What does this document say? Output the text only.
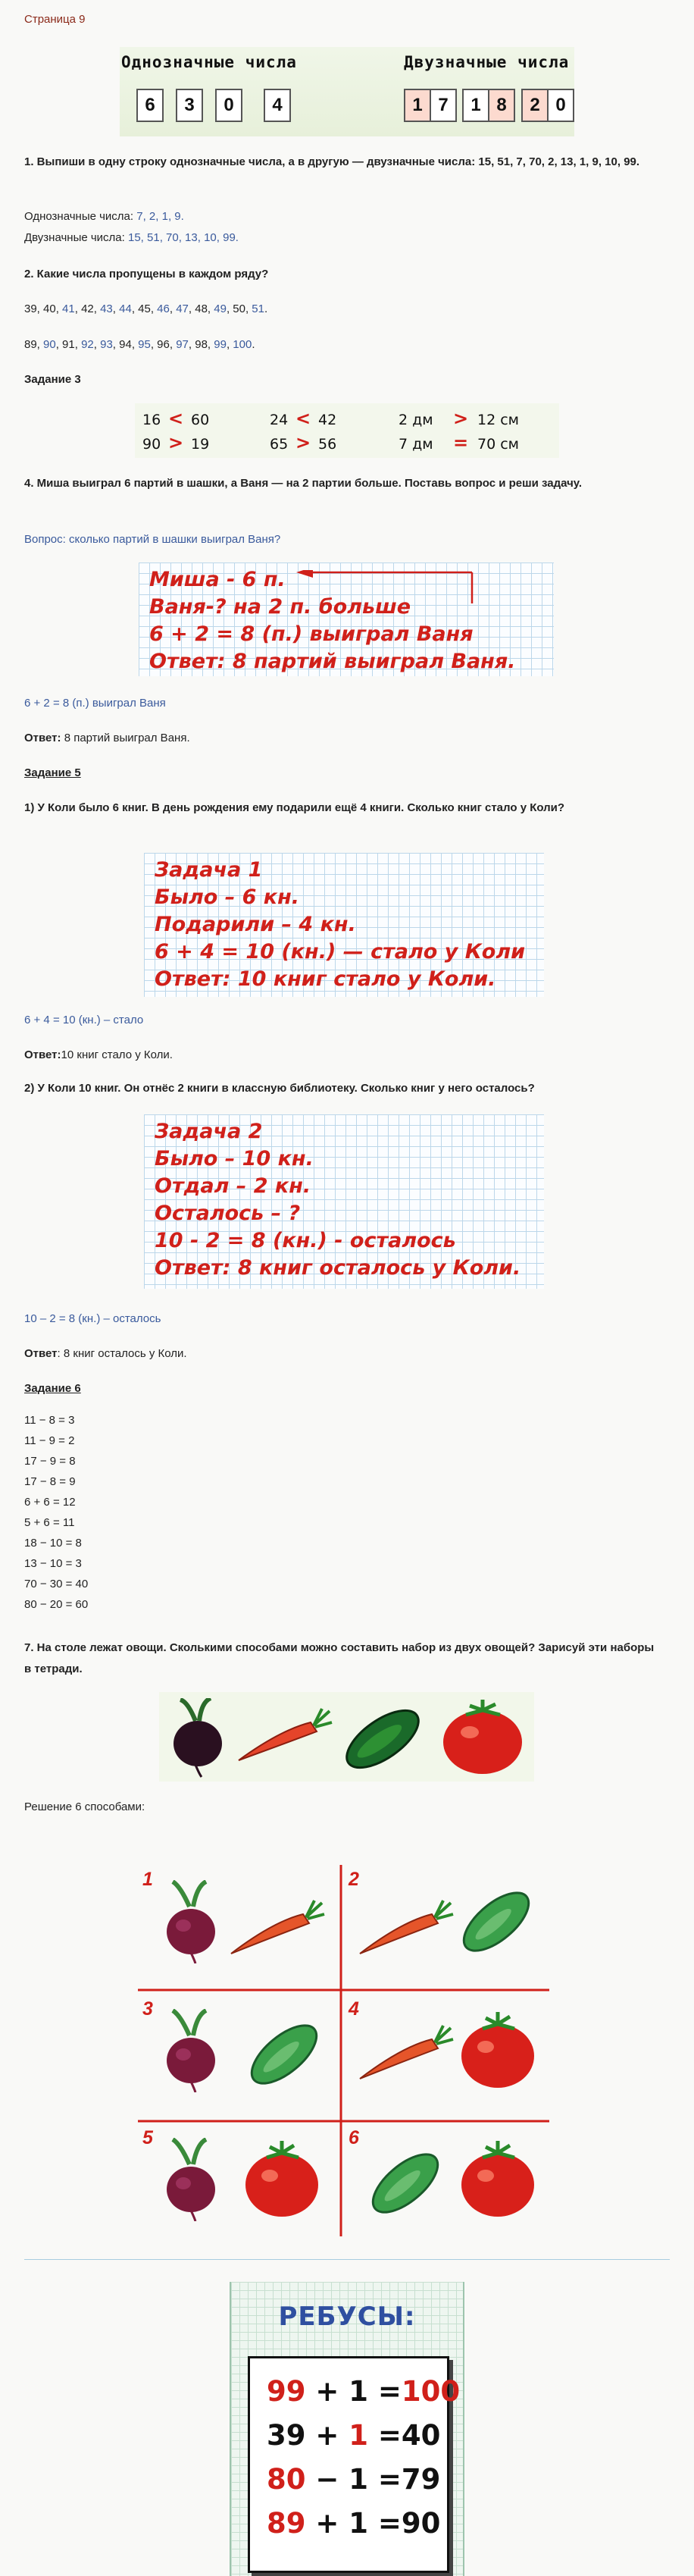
Страница 9
Однозначные числа	Двузначные числа
6	3	0	4	1 7	1 8	2 0
1. Выпиши в одну строку однозначные числа, а в другую — двузначные числа: 15, 51, 7, 70, 2, 13, 1, 9, 10, 99.
Однозначные числа: 7, 2, 1, 9.
Двузначные числа: 15, 51, 70, 13, 10, 99.
2. Какие числа пропущены в каждом ряду?
39, 40, 41, 42, 43, 44, 45, 46, 47, 48, 49, 50, 51.
89, 90, 91, 92, 93, 94, 95, 96, 97, 98, 99, 100.
Задание 3
16 < 60	24 < 42	2 дм > 12 см
90 > 19	65 > 56	7 дм = 70 см
4. Миша выиграл 6 партий в шашки, а Ваня — на 2 партии больше. Поставь вопрос и реши задачу.
Вопрос: сколько партий в шашки выиграл Ваня?
Миша - 6 п.
Ваня-? на 2 п. больше
6 + 2 = 8 (п.) выиграл Ваня
Ответ: 8 партий выиграл Ваня.
6 + 2 = 8 (п.) выиграл Ваня
Ответ: 8 партий выиграл Ваня.
Задание 5
1) У Коли было 6 книг. В день рождения ему подарили ещё 4 книги. Сколько книг стало у Коли?
Задача 1
Было – 6 кн.
Подарили – 4 кн.
6 + 4 = 10 (кн.) — стало у Коли
Ответ: 10 книг стало у Коли.
6 + 4 = 10 (кн.) – стало
Ответ:10 книг стало у Коли.
2) У Коли 10 книг. Он отнёс 2 книги в классную библиотеку. Сколько книг у него осталось?
Задача 2
Было – 10 кн.
Отдал – 2 кн.
Осталось – ?
10 - 2 = 8 (кн.) - осталось
Ответ: 8 книг осталось у Коли.
10 – 2 = 8 (кн.) – осталось
Ответ: 8 книг осталось у Коли.
Задание 6
11 − 8 = 3
11 − 9 = 2
17 − 9 = 8
17 − 8 = 9
6 + 6 = 12
5 + 6 = 11
18 − 10 = 8
13 − 10 = 3
70 − 30 = 40
80 − 20 = 60
7. На столе лежат овощи. Сколькими способами можно составить набор из двух овощей? Зарисуй эти наборы в тетради.
Решение 6 способами:
1	2
3	4
5	6
РЕБУСЫ:
99 + 1 =100
39 + 1 =40
80 − 1 =79
89 + 1 =90
